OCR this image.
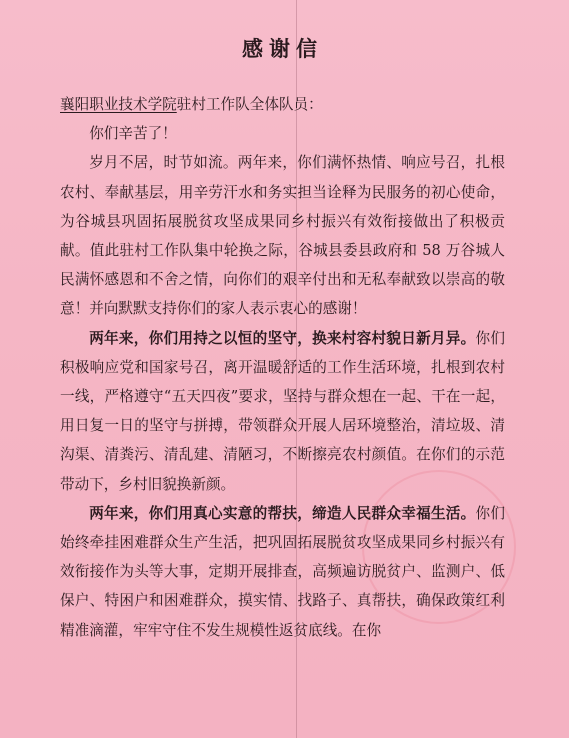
感谢信
襄阳职业技术学院驻村工作队全体队员：

你们辛苦了！

岁月不居，时节如流。两年来，你们满怀热情、响应号召，扎根农村、奉献基层，用辛劳汗水和务实担当诠释为民服务的初心使命，为谷城县巩固拓展脱贫攻坚成果同乡村振兴有效衔接做出了积极贡献。值此驻村工作队集中轮换之际，谷城县委县政府和 58 万谷城人民满怀感恩和不舍之情，向你们的艰辛付出和无私奉献致以崇高的敬意！并向默默支持你们的家人表示衷心的感谢！

两年来，你们用持之以恒的坚守，换来村容村貌日新月异。你们积极响应党和国家号召，离开温暖舒适的工作生活环境，扎根到农村一线，严格遵守“五天四夜”要求，坚持与群众想在一起、干在一起，用日复一日的坚守与拼搏，带领群众开展人居环境整治，清垃圾、清沟渠、清粪污、清乱建、清陋习，不断擦亮农村颜值。在你们的示范带动下，乡村旧貌换新颜。

两年来，你们用真心实意的帮扶，缔造人民群众幸福生活。你们始终牵挂困难群众生产生活，把巩固拓展脱贫攻坚成果同乡村振兴有效衔接作为头等大事，定期开展排查，高频遍访脱贫户、监测户、低保户、特困户和困难群众，摸实情、找路子、真帮扶，确保政策红利精准滴灌，牢牢守住不发生规模性返贫底线。在你
